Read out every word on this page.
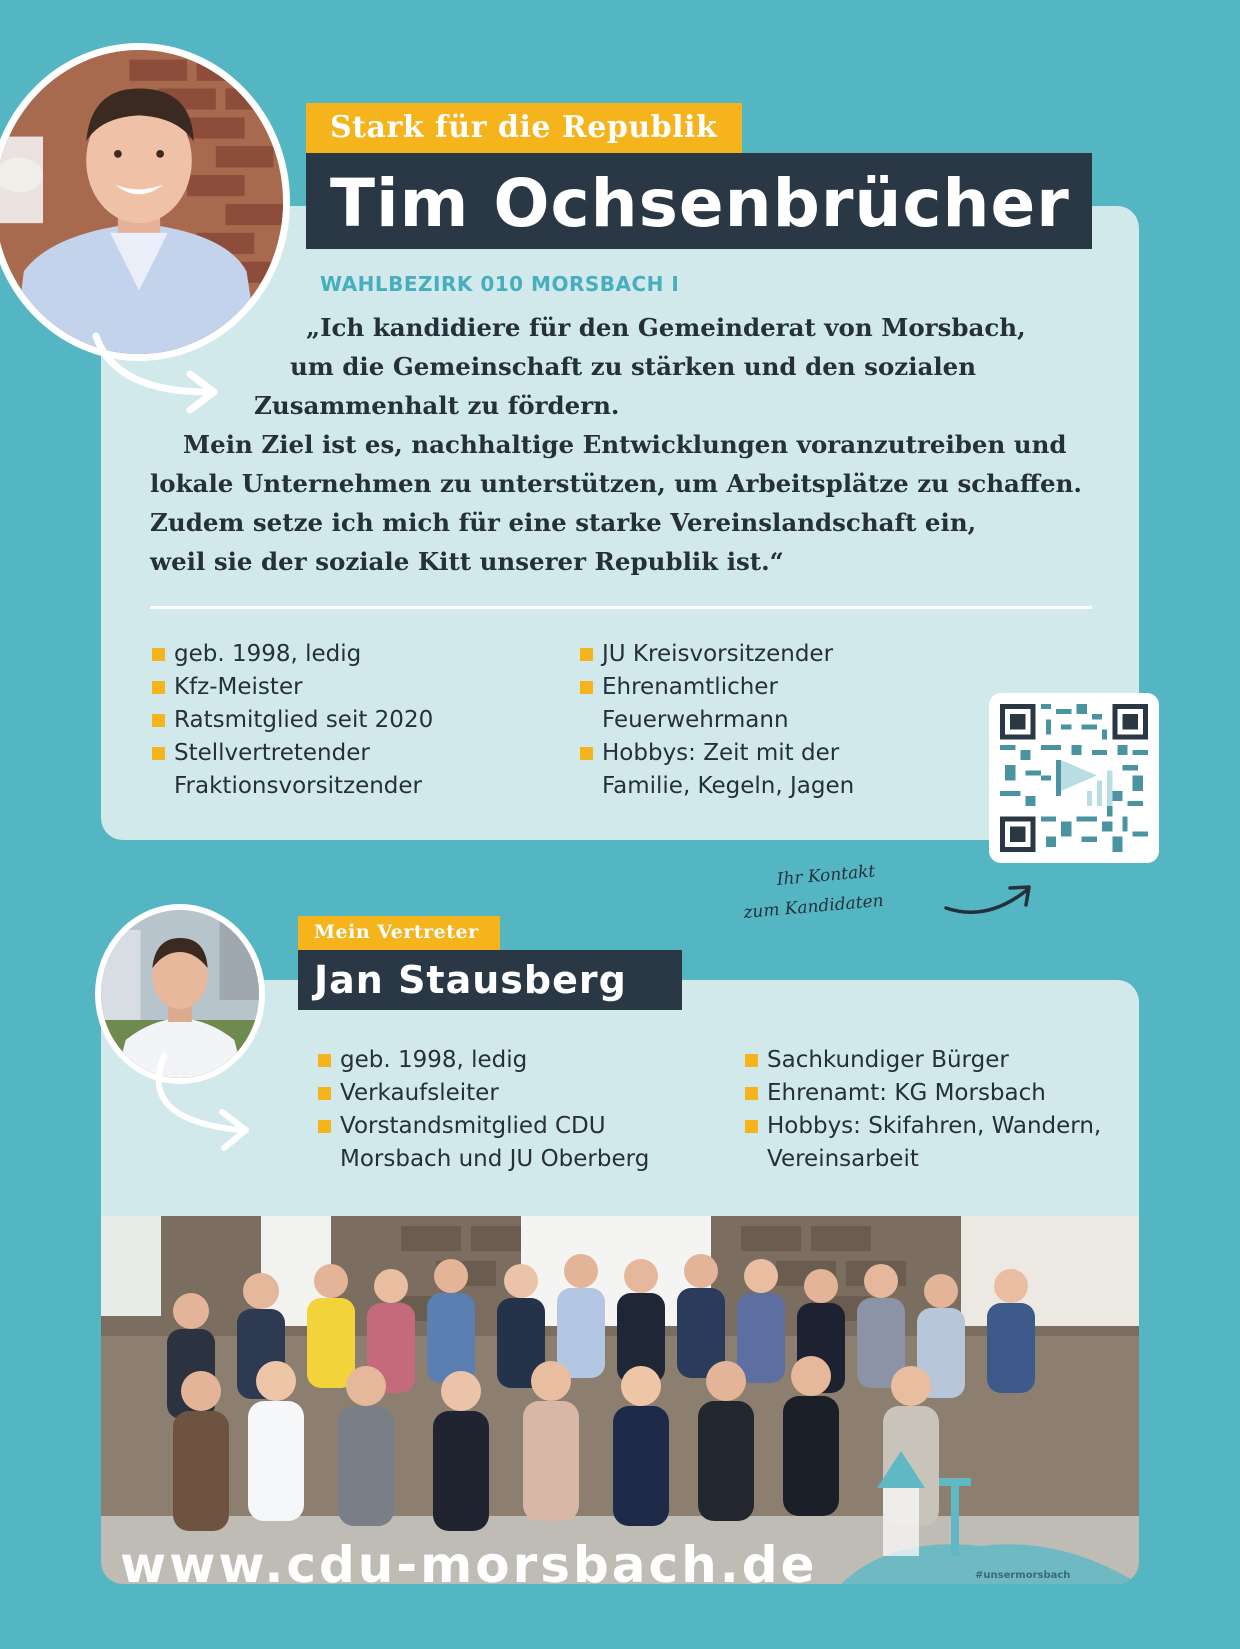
Stark für die Republik
Tim Ochsenbrücher
WAHLBEZIRK 010 MORSBACH I
„Ich kandidiere für den Gemeinderat von Morsbach,
um die Gemeinschaft zu stärken und den sozialen
Zusammenhalt zu fördern.
Mein Ziel ist es, nachhaltige Entwicklungen voranzutreiben und
lokale Unternehmen zu unterstützen, um Arbeitsplätze zu schaffen.
Zudem setze ich mich für eine starke Vereinslandschaft ein,
weil sie der soziale Kitt unserer Republik ist.“
geb. 1998, ledig
Kfz-Meister
Ratsmitglied seit 2020
Stellvertretender Fraktionsvorsitzender
JU Kreisvorsitzender
Ehrenamtlicher Feuerwehrmann
Hobbys: Zeit mit der Familie, Kegeln, Jagen
Ihr Kontakt
zum Kandidaten
Mein Vertreter
Jan Stausberg
geb. 1998, ledig
Verkaufsleiter
Vorstandsmitglied CDU Morsbach und JU Oberberg
Sachkundiger Bürger
Ehrenamt: KG Morsbach
Hobbys: Skifahren, Wandern, Vereinsarbeit
www.cdu-morsbach.de	#unsermorsbach
